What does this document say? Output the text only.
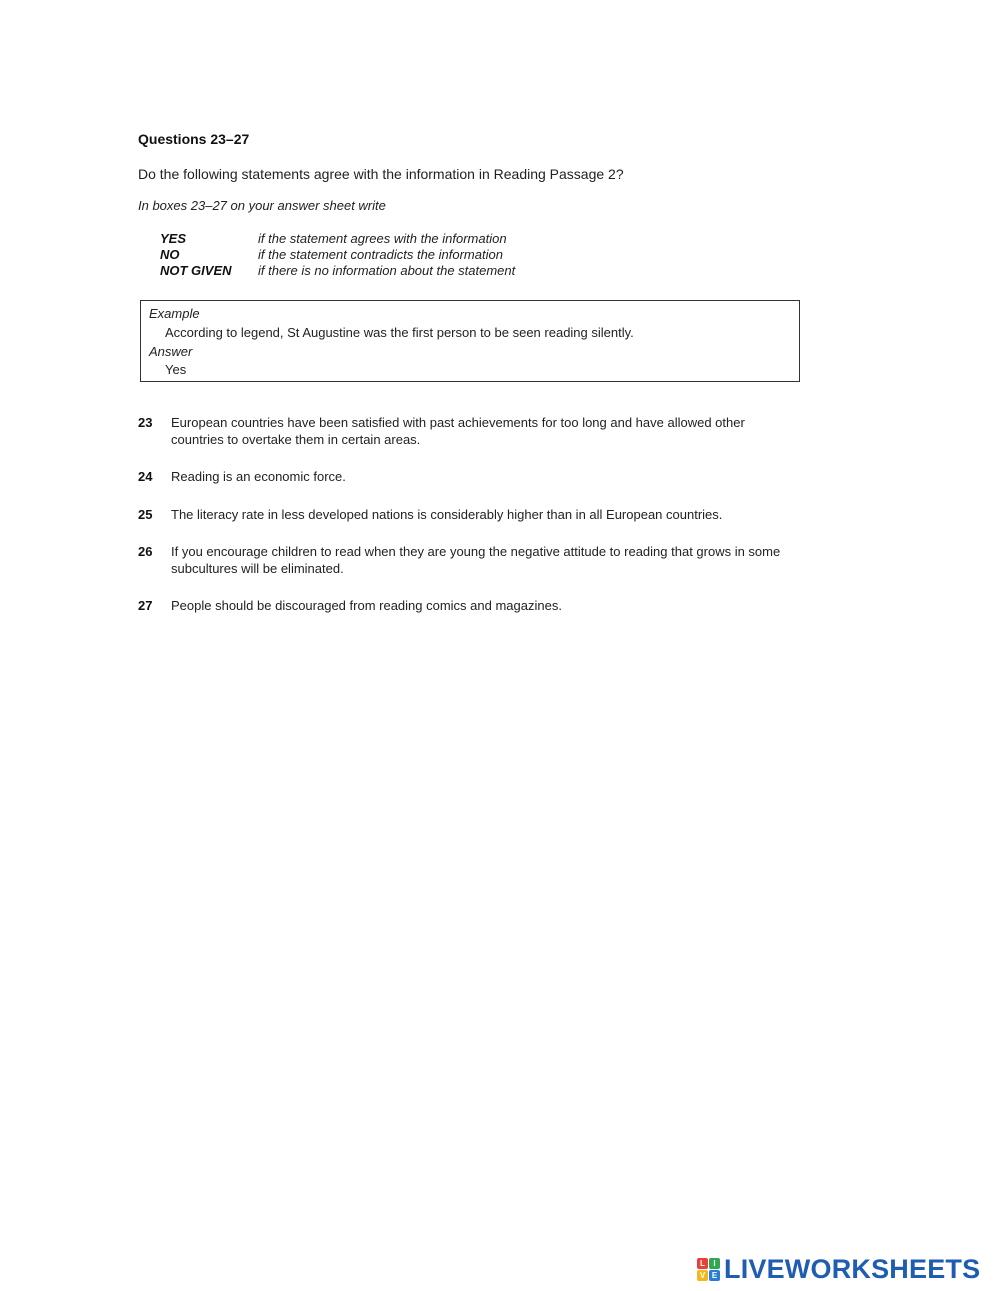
Questions 23–27
Do the following statements agree with the information in Reading Passage 2?
In boxes 23–27 on your answer sheet write
YES	if the statement agrees with the information
NO	if the statement contradicts the information
NOT GIVEN	if there is no information about the statement
Example
According to legend, St Augustine was the first person to be seen reading silently.
Answer
Yes
23	European countries have been satisfied with past achievements for too long and have allowed other countries to overtake them in certain areas.
24	Reading is an economic force.
25	The literacy rate in less developed nations is considerably higher than in all European countries.
26	If you encourage children to read when they are young the negative attitude to reading that grows in some subcultures will be eliminated.
27	People should be discouraged from reading comics and magazines.
L	I
V E LIVEWORKSHEETS
